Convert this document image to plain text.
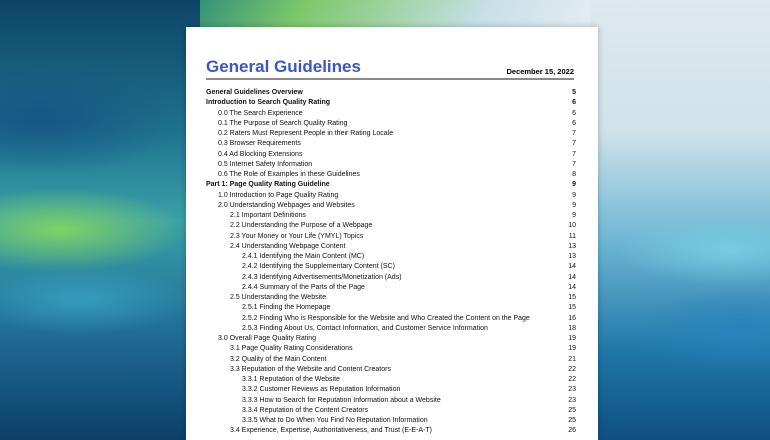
General Guidelines	December 15, 2022
General Guidelines Overview	5
Introduction to Search Quality Rating	6
0.0 The Search Experience	6
0.1 The Purpose of Search Quality Rating	6
0.2 Raters Must Represent People in their Rating Locale	7
0.3 Browser Requirements	7
0.4 Ad Blocking Extensions	7
0.5 Internet Safety Information	7
0.6 The Role of Examples in these Guidelines	8
Part 1: Page Quality Rating Guideline	9
1.0 Introduction to Page Quality Rating	9
2.0 Understanding Webpages and Websites	9
2.1 Important Definitions	9
2.2 Understanding the Purpose of a Webpage	10
2.3 Your Money or Your Life (YMYL) Topics	11
2.4 Understanding Webpage Content	13
2.4.1 Identifying the Main Content (MC)	13
2.4.2 Identifying the Supplementary Content (SC)	14
2.4.3 Identifying Advertisements/Monetization (Ads)	14
2.4.4 Summary of the Parts of the Page	14
2.5 Understanding the Website	15
2.5.1 Finding the Homepage	15
2.5.2 Finding Who is Responsible for the Website and Who Created the Content on the Page	16
2.5.3 Finding About Us, Contact Information, and Customer Service Information	18
3.0 Overall Page Quality Rating	19
3.1 Page Quality Rating Considerations	19
3.2 Quality of the Main Content	21
3.3 Reputation of the Website and Content Creators	22
3.3.1 Reputation of the Website	22
3.3.2 Customer Reviews as Reputation Information	23
3.3.3 How to Search for Reputation Information about a Website	23
3.3.4 Reputation of the Content Creators	25
3.3.5 What to Do When You Find No Reputation Information	25
3.4 Experience, Expertise, Authoritativeness, and Trust (E-E-A-T)	26
